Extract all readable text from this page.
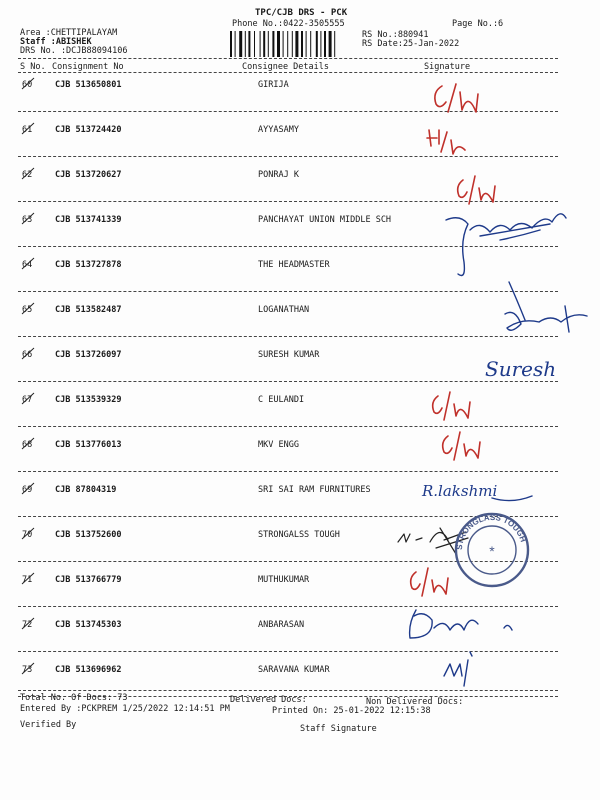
TPC/CJB DRS - PCK
Phone No.:0422-3505555	Page No.:6
Area :CHETTIPALAYAM
Staff :ABISHEK
DRS No. :DCJB88094106
RS No.:880941
RS Date:25-Jan-2022
S No. Consignment No	Consignee Details	Signature
60	CJB 513650801	GIRIJA
61	CJB 513724420	AYYASAMY
62	CJB 513720627	PONRAJ K
63	CJB 513741339	PANCHAYAT UNION MIDDLE SCH
64	CJB 513727878	THE HEADMASTER
65	CJB 513582487	LOGANATHAN
66	CJB 513726097	SURESH KUMAR
67	CJB 513539329	C EULANDI
68	CJB 513776013	MKV ENGG
69	CJB 87804319	SRI SAI RAM FURNITURES
70	CJB 513752600	STRONGALSS TOUGH
71	CJB 513766779	MUTHUKUMAR
72	CJB 513745303	ANBARASAN
73	CJB 513696962	SARAVANA KUMAR
Suresh
R.lakshmi
STRONGLASS TOUGH
*
Total No. Of Docs: 73	Delivered Docs:	Non Delivered Docs:
Entered By :PCKPREM 1/25/2022 12:14:51 PM	Printed On: 25-01-2022 12:15:38
Verified By	Staff Signature
